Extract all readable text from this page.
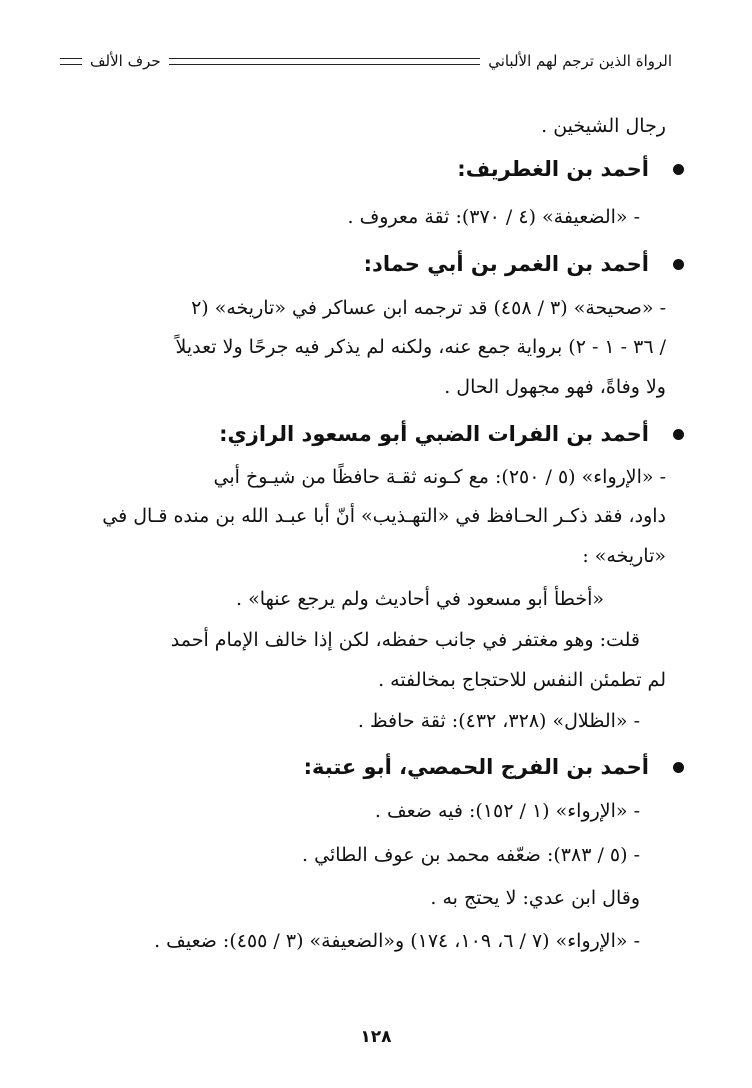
الرواة الذين ترجم لهم الألباني
حرف الألف
رجال الشيخين .
أحمد بن الغطريف:
- «الضعيفة» (٤ / ٣٧٠): ثقة معروف .
أحمد بن الغمر بن أبي حماد:
- «صحيحة» (٣ / ٤٥٨) قد ترجمه ابن عساكر في «تاريخه» (٢
/ ٣٦ - ١ - ٢) برواية جمع عنه، ولكنه لم يذكر فيه جرحًا ولا تعديلاً
ولا وفاةً، فهو مجهول الحال .
أحمد بن الفرات الضبي أبو مسعود الرازي:
- «الإرواء» (٥ / ٢٥٠): مع كـونه ثقـة حافظًا من شيـوخ أبي
داود، فقد ذكـر الحـافظ في «التهـذيب» أنّ أبا عبـد الله بن منده قـال في
«تاريخه» :
«أخطأ أبو مسعود في أحاديث ولم يرجع عنها» .
قلت: وهو مغتفر في جانب حفظه، لكن إذا خالف الإمام أحمد
لم تطمئن النفس للاحتجاج بمخالفته .
- «الظلال» (٣٢٨، ٤٣٢): ثقة حافظ .
أحمد بن الفرج الحمصي، أبو عتبة:
- «الإرواء» (١ / ١٥٢): فيه ضعف .
- (٥ / ٣٨٣): ضعّفه محمد بن عوف الطائي .
وقال ابن عدي: لا يحتج به .
- «الإرواء» (٧ / ٦، ١٠٩، ١٧٤) و«الضعيفة» (٣ / ٤٥٥): ضعيف .
١٢٨
